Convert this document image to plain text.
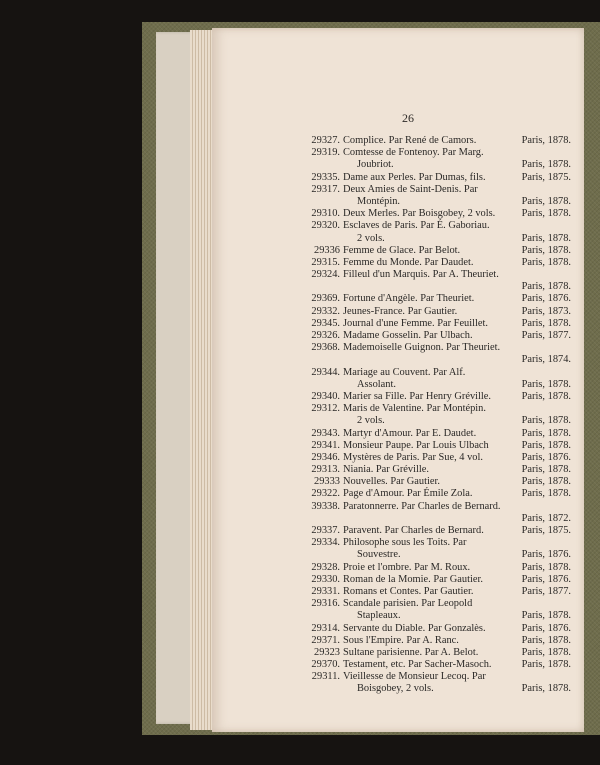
26
29327. Complice. Par René de Camors.	Paris, 1878.
29319. Comtesse de Fontenoy. Par Marg.
Joubriot.	Paris, 1878.
29335. Dame aux Perles. Par Dumas, fils.	Paris, 1875.
29317. Deux Amies de Saint-Denis. Par
Montépin.	Paris, 1878.
29310. Deux Merles. Par Boisgobey, 2 vols.	Paris, 1878.
29320. Esclaves de Paris. Par É. Gaboriau.
2 vols.	Paris, 1878.
29336 Femme de Glace. Par Belot.	Paris, 1878.
29315. Femme du Monde. Par Daudet.	Paris, 1878.
29324. Filleul d'un Marquis. Par A. Theuriet.
Paris, 1878.
29369. Fortune d'Angèle. Par Theuriet.	Paris, 1876.
29332. Jeunes-France. Par Gautier.	Paris, 1873.
29345. Journal d'une Femme. Par Feuillet.	Paris, 1878.
29326. Madame Gosselin. Par Ulbach.	Paris, 1877.
29368. Mademoiselle Guignon. Par Theuriet.
Paris, 1874.
29344. Mariage au Couvent. Par Alf.
Assolant.	Paris, 1878.
29340. Marier sa Fille. Par Henry Gréville.	Paris, 1878.
29312. Maris de Valentine. Par Montépin.
2 vols.	Paris, 1878.
29343. Martyr d'Amour. Par E. Daudet.	Paris, 1878.
29341. Monsieur Paupe. Par Louis Ulbach	Paris, 1878.
29346. Mystères de Paris. Par Sue, 4 vol.	Paris, 1876.
29313. Niania. Par Gréville.	Paris, 1878.
29333 Nouvelles. Par Gautier.	Paris, 1878.
29322. Page d'Amour. Par Émile Zola.	Paris, 1878.
39338. Paratonnerre. Par Charles de Bernard.
Paris, 1872.
29337. Paravent. Par Charles de Bernard.	Paris, 1875.
29334. Philosophe sous les Toits. Par
Souvestre.	Paris, 1876.
29328. Proie et l'ombre. Par M. Roux.	Paris, 1878.
29330. Roman de la Momie. Par Gautier.	Paris, 1876.
29331. Romans et Contes. Par Gautier.	Paris, 1877.
29316. Scandale parisien. Par Leopold
Stapleaux.	Paris, 1878.
29314. Servante du Diable. Par Gonzalès.	Paris, 1876.
29371. Sous l'Empire. Par A. Ranc.	Paris, 1878.
29323 Sultane parisienne. Par A. Belot.	Paris, 1878.
29370. Testament, etc. Par Sacher-Masoch.	Paris, 1878.
29311. Vieillesse de Monsieur Lecoq. Par
Boisgobey, 2 vols.	Paris, 1878.
